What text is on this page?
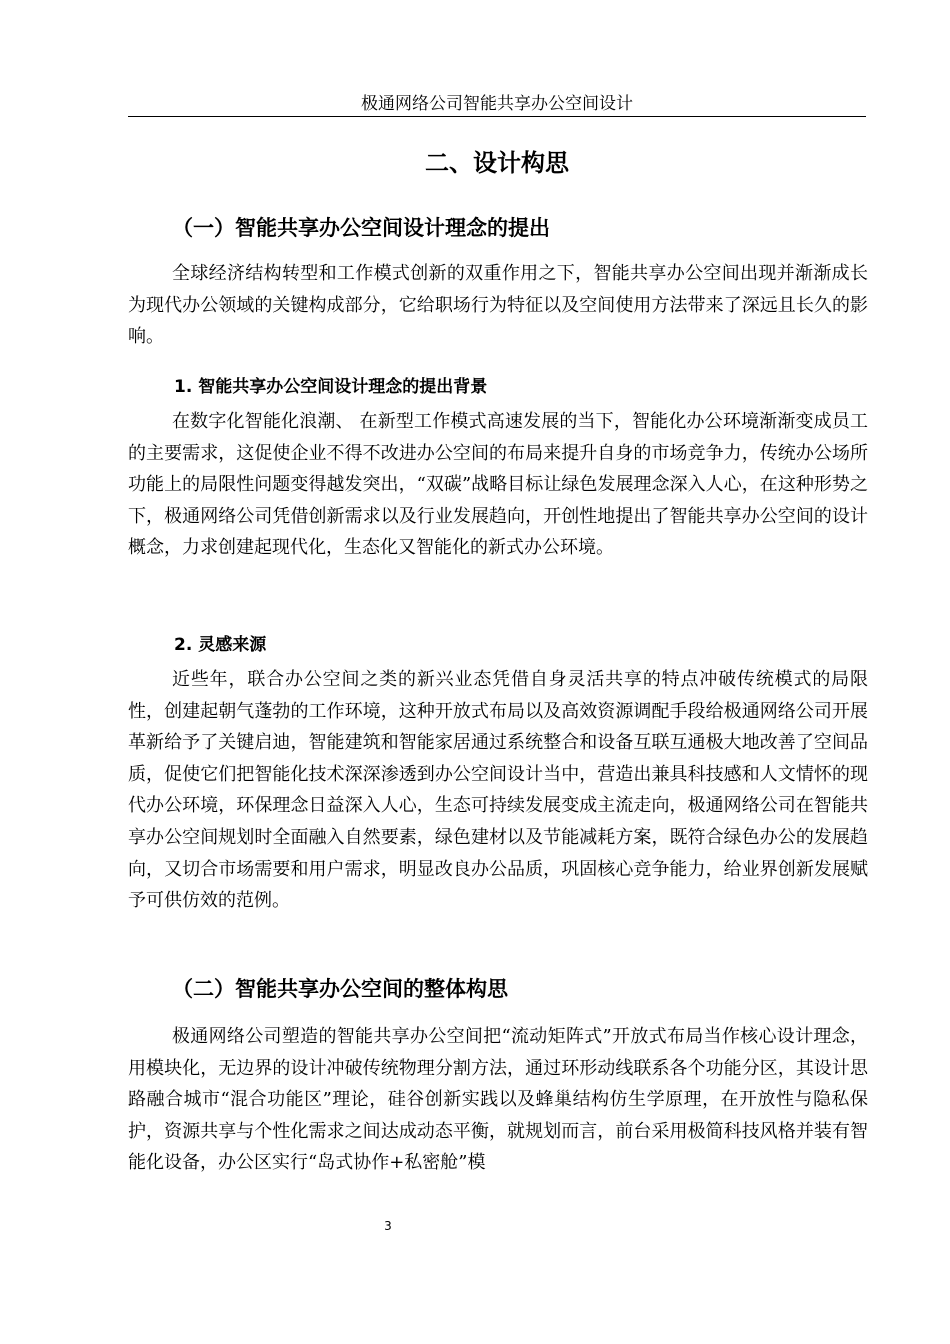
极通网络公司智能共享办公空间设计
二、设计构思
（一）智能共享办公空间设计理念的提出

全球经济结构转型和工作模式创新的双重作用之下，智能共享办公空间出现并渐渐成长为现代办公领域的关键构成部分，它给职场行为特征以及空间使用方法带来了深远且长久的影响。

1. 智能共享办公空间设计理念的提出背景

在数字化智能化浪潮、 在新型工作模式高速发展的当下，智能化办公环境渐渐变成员工的主要需求，这促使企业不得不改进办公空间的布局来提升自身的市场竞争力，传统办公场所功能上的局限性问题变得越发突出，“双碳”战略目标让绿色发展理念深入人心，在这种形势之下，极通网络公司凭借创新需求以及行业发展趋向，开创性地提出了智能共享办公空间的设计概念，力求创建起现代化，生态化又智能化的新式办公环境。

2. 灵感来源

近些年，联合办公空间之类的新兴业态凭借自身灵活共享的特点冲破传统模式的局限性，创建起朝气蓬勃的工作环境，这种开放式布局以及高效资源调配手段给极通网络公司开展革新给予了关键启迪，智能建筑和智能家居通过系统整合和设备互联互通极大地改善了空间品质，促使它们把智能化技术深深渗透到办公空间设计当中，营造出兼具科技感和人文情怀的现代办公环境，环保理念日益深入人心，生态可持续发展变成主流走向，极通网络公司在智能共享办公空间规划时全面融入自然要素，绿色建材以及节能减耗方案，既符合绿色办公的发展趋向，又切合市场需要和用户需求，明显改良办公品质，巩固核心竞争能力，给业界创新发展赋予可供仿效的范例。

（二）智能共享办公空间的整体构思

极通网络公司塑造的智能共享办公空间把“流动矩阵式”开放式布局当作核心设计理念，用模块化，无边界的设计冲破传统物理分割方法，通过环形动线联系各个功能分区，其设计思路融合城市“混合功能区”理论，硅谷创新实践以及蜂巢结构仿生学原理，在开放性与隐私保护，资源共享与个性化需求之间达成动态平衡，就规划而言，前台采用极简科技风格并装有智能化设备，办公区实行“岛式协作+私密舱”模

3
